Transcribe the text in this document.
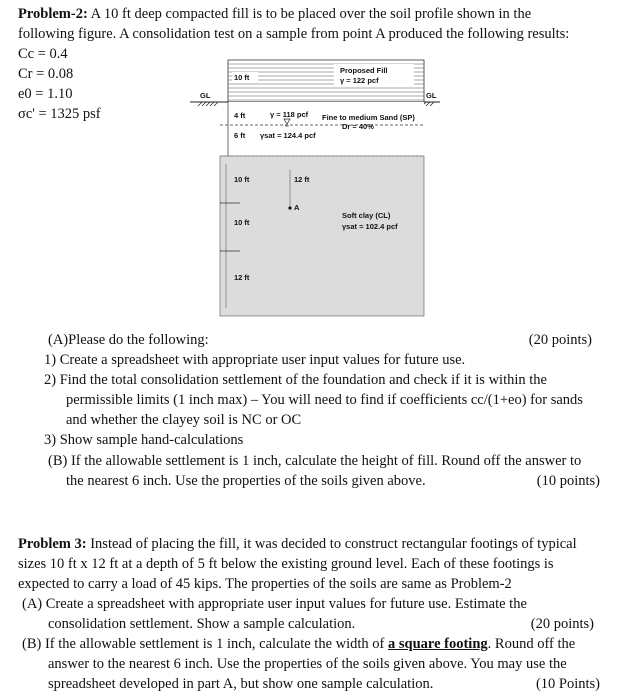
Problem-2: A 10 ft deep compacted fill is to be placed over the soil profile shown in the
following figure. A consolidation test on a sample from point A produced the following results:
Cc = 0.4
Cr = 0.08
e0 = 1.10
σc' = 1325 psf
10 ft
Proposed Fill
γ = 122 pcf
GL	GL
4 ft	γ = 118 pcf Fine to medium Sand (SP)
Dr = 40%
6 ft γsat = 124.4 pcf
10 ft	12 ft
A
10 ft
Soft clay (CL)
γsat = 102.4 pcf
12 ft
(A)Please do the following:	(20 points)
1) Create a spreadsheet with appropriate user input values for future use.
2) Find the total consolidation settlement of the foundation and check if it is within the
permissible limits (1 inch max) – You will need to find if coefficients cc/(1+eo) for sands
and whether the clayey soil is NC or OC
3) Show sample hand-calculations
(B) If the allowable settlement is 1 inch, calculate the height of fill. Round off the answer to
the nearest 6 inch. Use the properties of the soils given above.	(10 points)
Problem 3: Instead of placing the fill, it was decided to construct rectangular footings of typical
sizes 10 ft x 12 ft at a depth of 5 ft below the existing ground level. Each of these footings is
expected to carry a load of 45 kips. The properties of the soils are same as Problem-2
(A) Create a spreadsheet with appropriate user input values for future use. Estimate the
consolidation settlement. Show a sample calculation.	(20 points)
(B) If the allowable settlement is 1 inch, calculate the width of a square footing. Round off the
answer to the nearest 6 inch. Use the properties of the soils given above. You may use the
spreadsheet developed in part A, but show one sample calculation.	(10 Points)
